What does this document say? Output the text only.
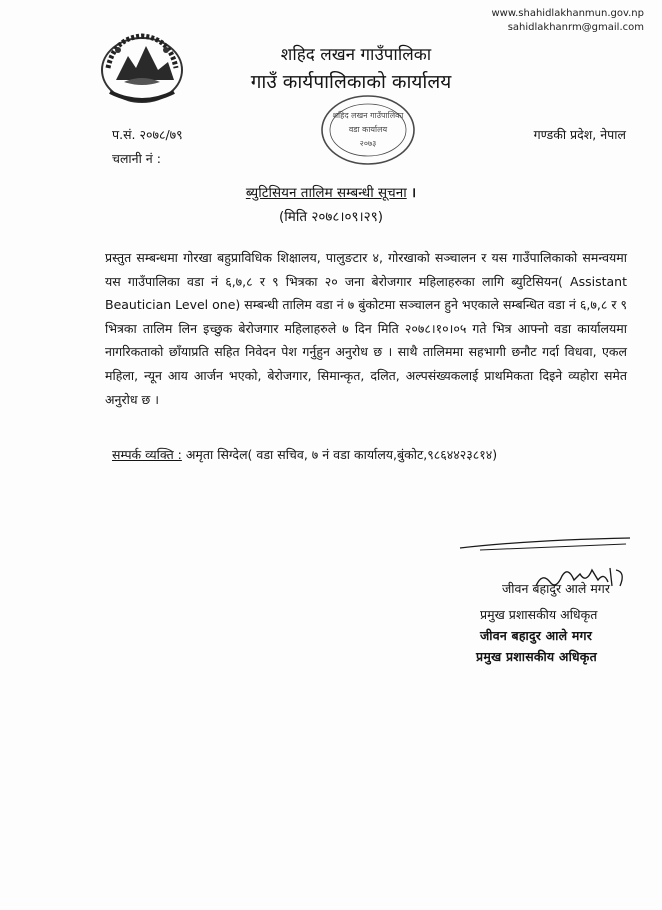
www.shahidlakhanmun.gov.np
sahidlakhanrm@gmail.com
शहिद लखन गाउँपालिका
गाउँ कार्यपालिकाको कार्यालय
शहिद लखन गाउँपालिका
वडा कार्यालय
२०७३
प.सं. २०७८/७९
चलानी नं :
गण्डकी प्रदेश, नेपाल
ब्युटिसियन तालिम सम्बन्धी सूचना ।
(मिति २०७८।०९।२९)
प्रस्तुत सम्बन्धमा गोरखा बहुप्राविधिक शिक्षालय, पालुङटार ४, गोरखाको सञ्चालन र यस गाउँपालिकाको समन्वयमा यस गाउँपालिका वडा नं ६,७,८ र ९ भित्रका २० जना बेरोजगार महिलाहरुका लागि ब्युटिसियन( Assistant Beautician Level one) सम्बन्धी तालिम वडा नं ७ बुंकोटमा सञ्चालन हुने भएकाले सम्बन्धित वडा नं ६,७,८ र ९ भित्रका तालिम लिन इच्छुक बेरोजगार महिलाहरुले ७ दिन मिति २०७८।१०।०५ गते भित्र आफ्नो वडा कार्यालयमा नागरिकताको छाँयाप्रति सहित निवेदन पेश गर्नुहुन अनुरोध छ । साथै तालिममा सहभागी छनौट गर्दा विधवा, एकल महिला, न्यून आय आर्जन भएको, बेरोजगार, सिमान्कृत, दलित, अल्पसंख्यकलाई प्राथमिकता दिइने व्यहोरा समेत अनुरोध छ ।
सम्पर्क व्यक्ति : अमृता सिग्देल( वडा सचिव, ७ नं वडा कार्यालय,बुंकोट,९८६४४२३८१४)
जीवन बहादुर आले मगर
प्रमुख प्रशासकीय अधिकृत
जीवन बहादुर आले मगर
प्रमुख प्रशासकीय अधिकृत
